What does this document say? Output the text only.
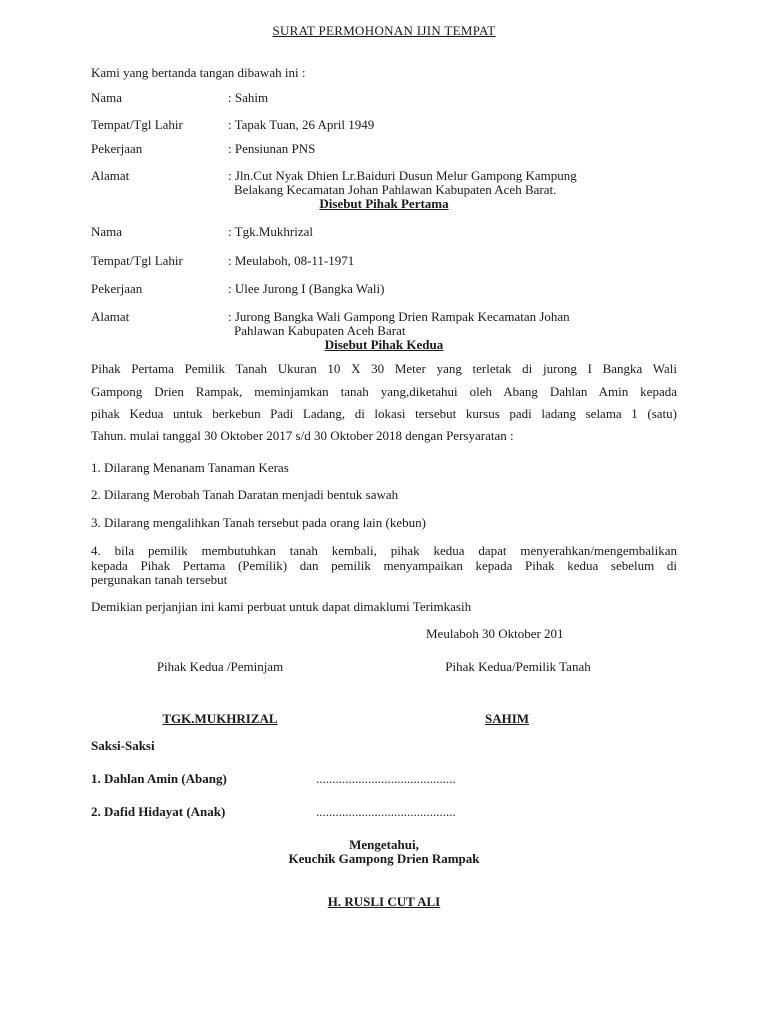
SURAT PERMOHONAN IJIN TEMPAT
Kami yang bertanda tangan dibawah ini :
Nama	: Sahim
Tempat/Tgl Lahir	: Tapak Tuan, 26 April 1949
Pekerjaan	: Pensiunan PNS
Alamat	: Jln.Cut Nyak Dhien Lr.Baiduri Dusun Melur Gampong Kampung
Belakang Kecamatan Johan Pahlawan Kabupaten Aceh Barat.
Disebut Pihak Pertama
Nama	: Tgk.Mukhrizal
Tempat/Tgl Lahir	: Meulaboh, 08-11-1971
Pekerjaan	: Ulee Jurong I (Bangka Wali)
Alamat	: Jurong Bangka Wali Gampong Drien Rampak Kecamatan Johan
Pahlawan Kabupaten Aceh Barat
Disebut Pihak Kedua
Pihak Pertama Pemilik Tanah Ukuran 10 X 30 Meter yang terletak di jurong I Bangka Wali
Gampong Drien Rampak, meminjamkan tanah yang,diketahui oleh Abang Dahlan Amin kepada
pihak Kedua untuk berkebun Padi Ladang, di lokasi tersebut kursus padi ladang selama 1 (satu)
Tahun. mulai tanggal 30 Oktober 2017 s/d 30 Oktober 2018 dengan Persyaratan :
1. Dilarang Menanam Tanaman Keras
2. Dilarang Merobah Tanah Daratan menjadi bentuk sawah
3. Dilarang mengalihkan Tanah tersebut pada orang lain (kebun)
4. bila pemilik membutuhkan tanah kembali, pihak kedua dapat menyerahkan/mengembalikan
kepada Pihak Pertama (Pemilik) dan pemilik menyampaikan kepada Pihak kedua sebelum di
pergunakan tanah tersebut
Demikian perjanjian ini kami perbuat untuk dapat dimaklumi Terimkasih
Meulaboh 30 Oktober 201
Pihak Kedua /Peminjam	Pihak Kedua/Pemilik Tanah
TGK.MUKHRIZAL	SAHIM
Saksi-Saksi
1. Dahlan Amin (Abang)	...........................................
2. Dafid Hidayat (Anak)	...........................................
Mengetahui,
Keuchik Gampong Drien Rampak
H. RUSLI CUT ALI
